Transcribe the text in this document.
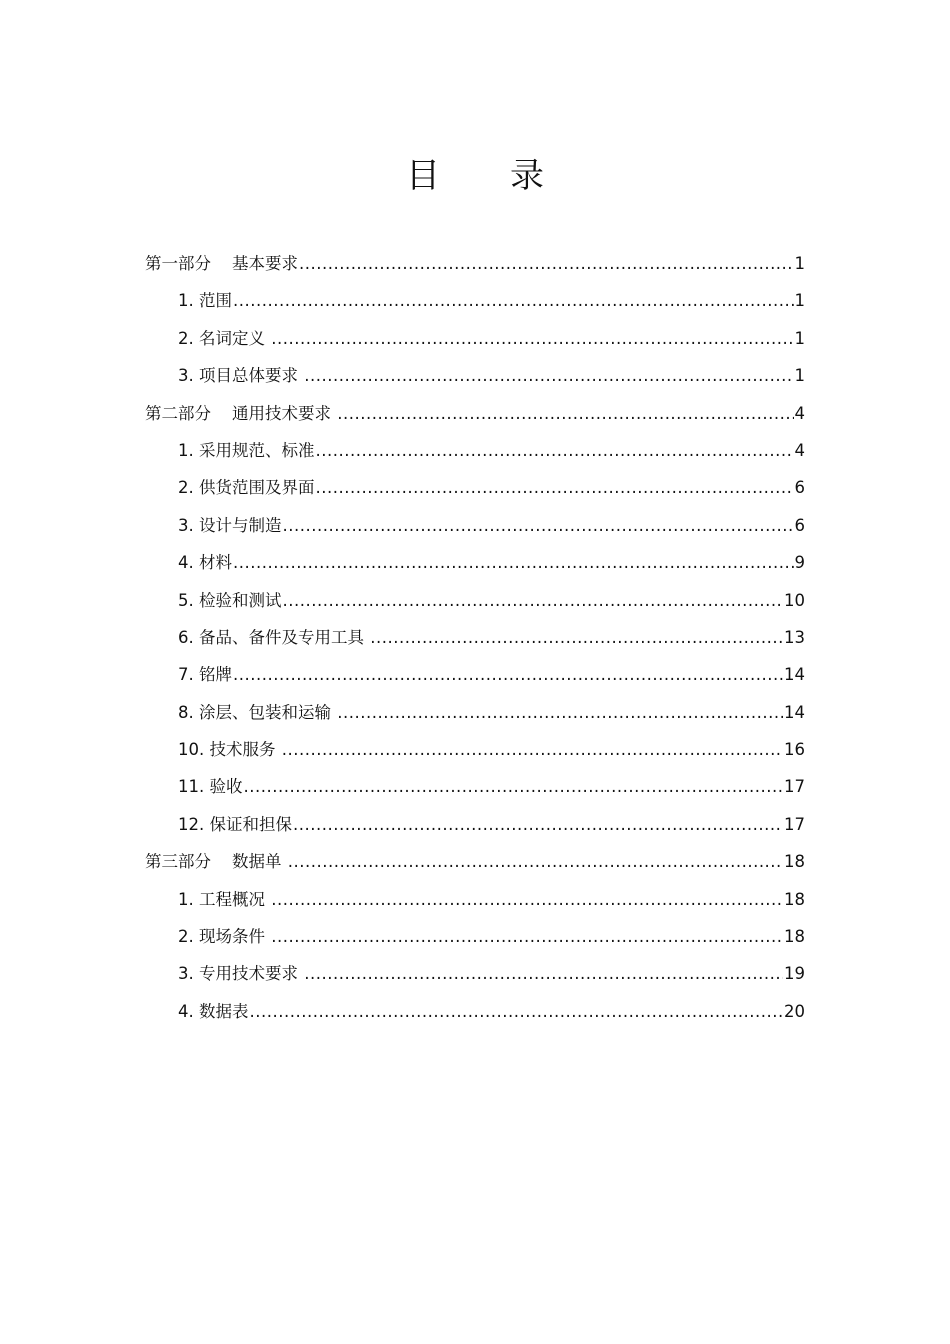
目 录
第一部分    基本要求 .....	1
1. 范围 .....	1
2. 名词定义 .....	1
3. 项目总体要求 .....	1
第二部分    通用技术要求 .....	4
1. 采用规范、标准 .....	4
2. 供货范围及界面 .....	6
3. 设计与制造 .....	6
4. 材料 .....	9
5. 检验和测试 .....	10
6. 备品、备件及专用工具 .....	13
7. 铭牌 .....	14
8. 涂层、包装和运输 .....	14
10. 技术服务 .....	16
11. 验收 .....	17
12. 保证和担保 .....	17
第三部分    数据单 .....	18
1. 工程概况 .....	18
2. 现场条件 .....	18
3. 专用技术要求 .....	19
4. 数据表 .....	20
